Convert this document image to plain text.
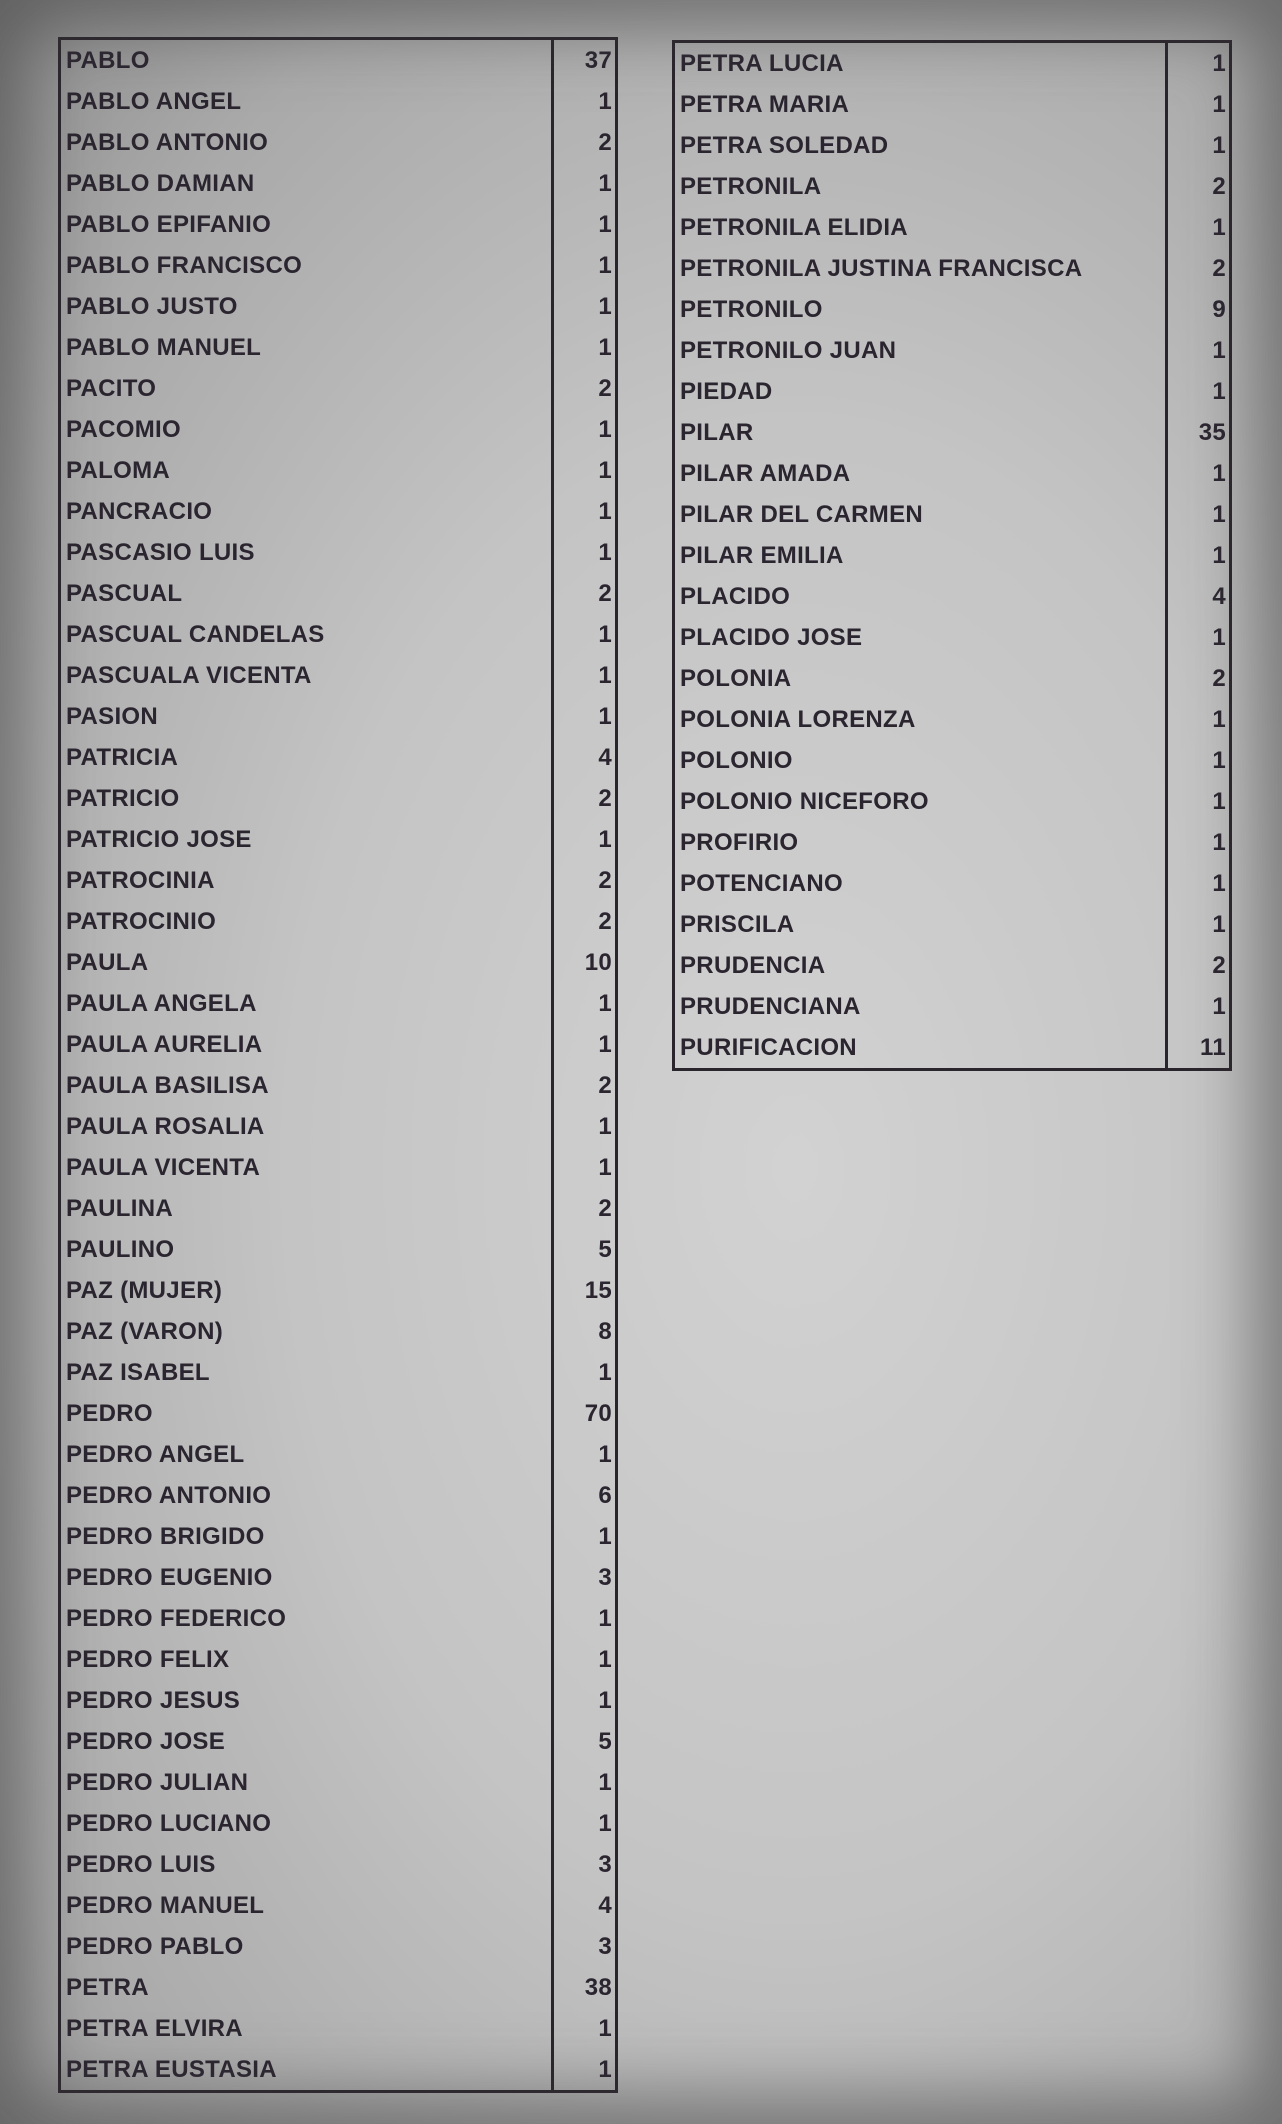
PABLO	37
PABLO ANGEL	1
PABLO ANTONIO	2
PABLO DAMIAN	1
PABLO EPIFANIO	1
PABLO FRANCISCO	1
PABLO JUSTO	1
PABLO MANUEL	1
PACITO	2
PACOMIO	1
PALOMA	1
PANCRACIO	1
PASCASIO LUIS	1
PASCUAL	2
PASCUAL CANDELAS	1
PASCUALA VICENTA	1
PASION	1
PATRICIA	4
PATRICIO	2
PATRICIO JOSE	1
PATROCINIA	2
PATROCINIO	2
PAULA	10
PAULA ANGELA	1
PAULA AURELIA	1
PAULA BASILISA	2
PAULA ROSALIA	1
PAULA VICENTA	1
PAULINA	2
PAULINO	5
PAZ (MUJER)	15
PAZ (VARON)	8
PAZ ISABEL	1
PEDRO	70
PEDRO ANGEL	1
PEDRO ANTONIO	6
PEDRO BRIGIDO	1
PEDRO EUGENIO	3
PEDRO FEDERICO	1
PEDRO FELIX	1
PEDRO JESUS	1
PEDRO JOSE	5
PEDRO JULIAN	1
PEDRO LUCIANO	1
PEDRO LUIS	3
PEDRO MANUEL	4
PEDRO PABLO	3
PETRA	38
PETRA ELVIRA	1
PETRA EUSTASIA	1
PETRA LUCIA	1
PETRA MARIA	1
PETRA SOLEDAD	1
PETRONILA	2
PETRONILA ELIDIA	1
PETRONILA JUSTINA FRANCISCA	2
PETRONILO	9
PETRONILO JUAN	1
PIEDAD	1
PILAR	35
PILAR AMADA	1
PILAR DEL CARMEN	1
PILAR EMILIA	1
PLACIDO	4
PLACIDO JOSE	1
POLONIA	2
POLONIA LORENZA	1
POLONIO	1
POLONIO NICEFORO	1
PROFIRIO	1
POTENCIANO	1
PRISCILA	1
PRUDENCIA	2
PRUDENCIANA	1
PURIFICACION	11
